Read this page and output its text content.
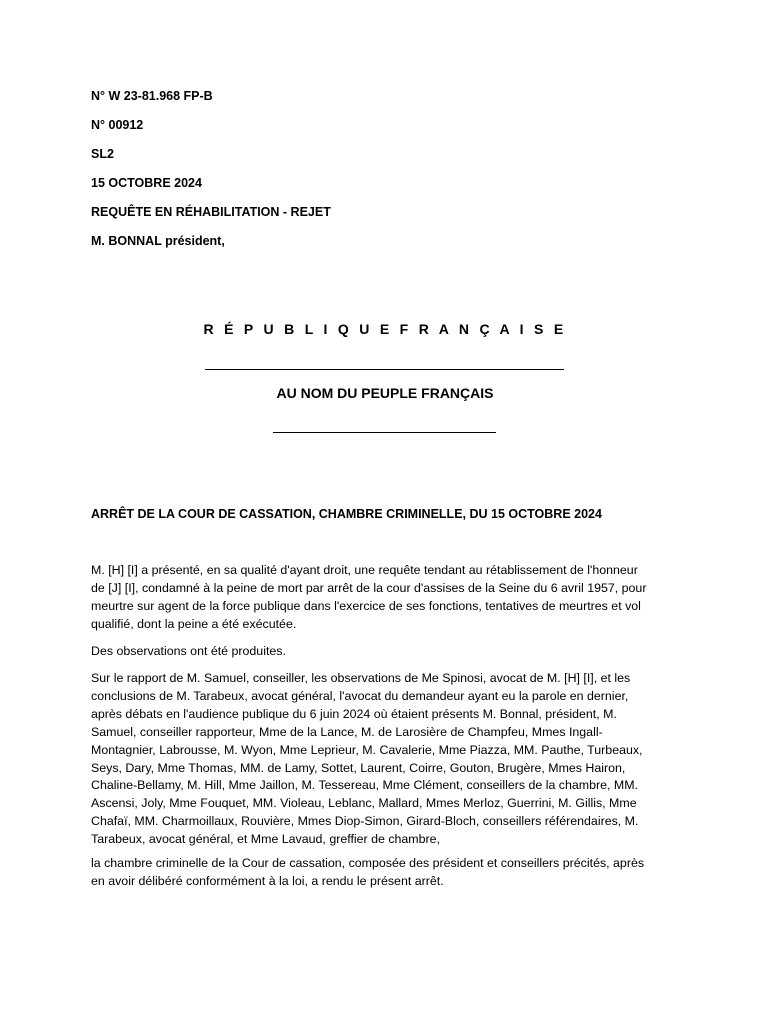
N° W 23-81.968 FP-B
N° 00912
SL2
15 OCTOBRE 2024
REQUÊTE EN RÉHABILITATION - REJET
M. BONNAL président,
R É P U B L I Q U E F R A N Ç A I S E
AU NOM DU PEUPLE FRANÇAIS
ARRÊT DE LA COUR DE CASSATION, CHAMBRE CRIMINELLE, DU 15 OCTOBRE 2024
M. [H] [I] a présenté, en sa qualité d'ayant droit, une requête tendant au rétablissement de l'honneur
de [J] [I], condamné à la peine de mort par arrêt de la cour d'assises de la Seine du 6 avril 1957, pour
meurtre sur agent de la force publique dans l'exercice de ses fonctions, tentatives de meurtres et vol
qualifié, dont la peine a été exécutée.
Des observations ont été produites.
Sur le rapport de M. Samuel, conseiller, les observations de Me Spinosi, avocat de M. [H] [I], et les
conclusions de M. Tarabeux, avocat général, l'avocat du demandeur ayant eu la parole en dernier,
après débats en l'audience publique du 6 juin 2024 où étaient présents M. Bonnal, président, M.
Samuel, conseiller rapporteur, Mme de la Lance, M. de Larosière de Champfeu, Mmes Ingall-
Montagnier, Labrousse, M. Wyon, Mme Leprieur, M. Cavalerie, Mme Piazza, MM. Pauthe, Turbeaux,
Seys, Dary, Mme Thomas, MM. de Lamy, Sottet, Laurent, Coirre, Gouton, Brugère, Mmes Hairon,
Chaline-Bellamy, M. Hill, Mme Jaillon, M. Tessereau, Mme Clément, conseillers de la chambre, MM.
Ascensi, Joly, Mme Fouquet, MM. Violeau, Leblanc, Mallard, Mmes Merloz, Guerrini, M. Gillis, Mme
Chafaï, MM. Charmoillaux, Rouvière, Mmes Diop-Simon, Girard-Bloch, conseillers référendaires, M.
Tarabeux, avocat général, et Mme Lavaud, greffier de chambre,
la chambre criminelle de la Cour de cassation, composée des président et conseillers précités, après
en avoir délibéré conformément à la loi, a rendu le présent arrêt.
